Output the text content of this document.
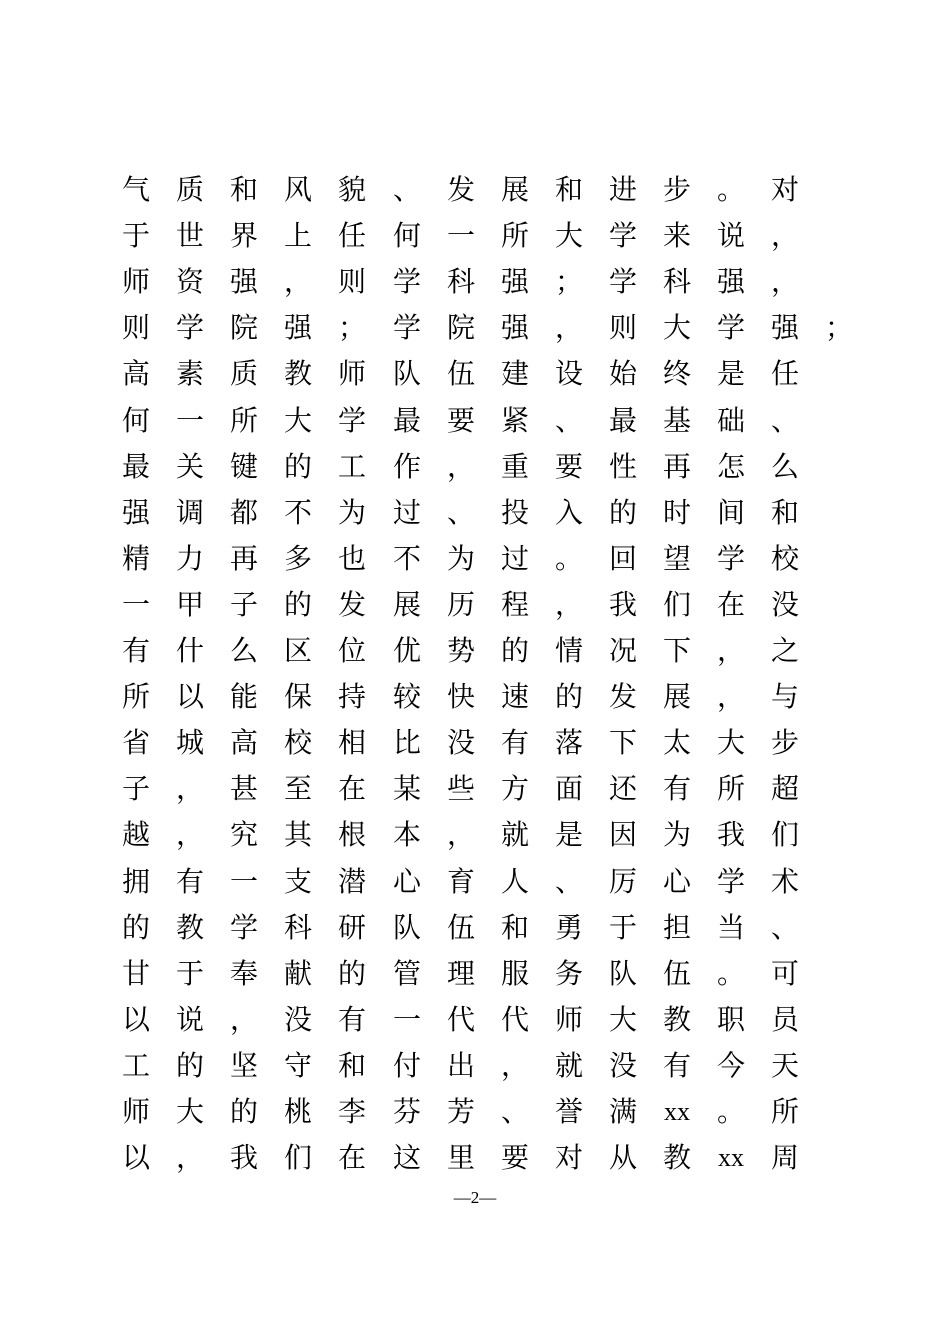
气 质 和 风 貌 、 发 展 和 进 步 。 对
于 世 界 上 任 何 一 所 大 学 来 说 ，
师 资 强 ， 则 学 科 强 ； 学 科 强 ，
则 学 院 强 ； 学 院 强 ， 则 大 学 强 ；
高 素 质 教 师 队 伍 建 设 始 终 是 任
何 一 所 大 学 最 要 紧 、 最 基 础 、
最 关 键 的 工 作 ， 重 要 性 再 怎 么
强 调 都 不 为 过 、 投 入 的 时 间 和
精 力 再 多 也 不 为 过 。 回 望 学 校
一 甲 子 的 发 展 历 程 ， 我 们 在 没
有 什 么 区 位 优 势 的 情 况 下 ， 之
所 以 能 保 持 较 快 速 的 发 展 ， 与
省 城 高 校 相 比 没 有 落 下 太 大 步
子 ， 甚 至 在 某 些 方 面 还 有 所 超
越 ， 究 其 根 本 ， 就 是 因 为 我 们
拥 有 一 支 潜 心 育 人 、 厉 心 学 术
的 教 学 科 研 队 伍 和 勇 于 担 当 、
甘 于 奉 献 的 管 理 服 务 队 伍 。 可
以 说 ， 没 有 一 代 代 师 大 教 职 员
工 的 坚 守 和 付 出 ， 就 没 有 今 天
师 大 的 桃 李 芬 芳 、 誉 满	xx 。 所
以 ， 我 们 在 这 里 要 对 从 教	xx 周
—2—
